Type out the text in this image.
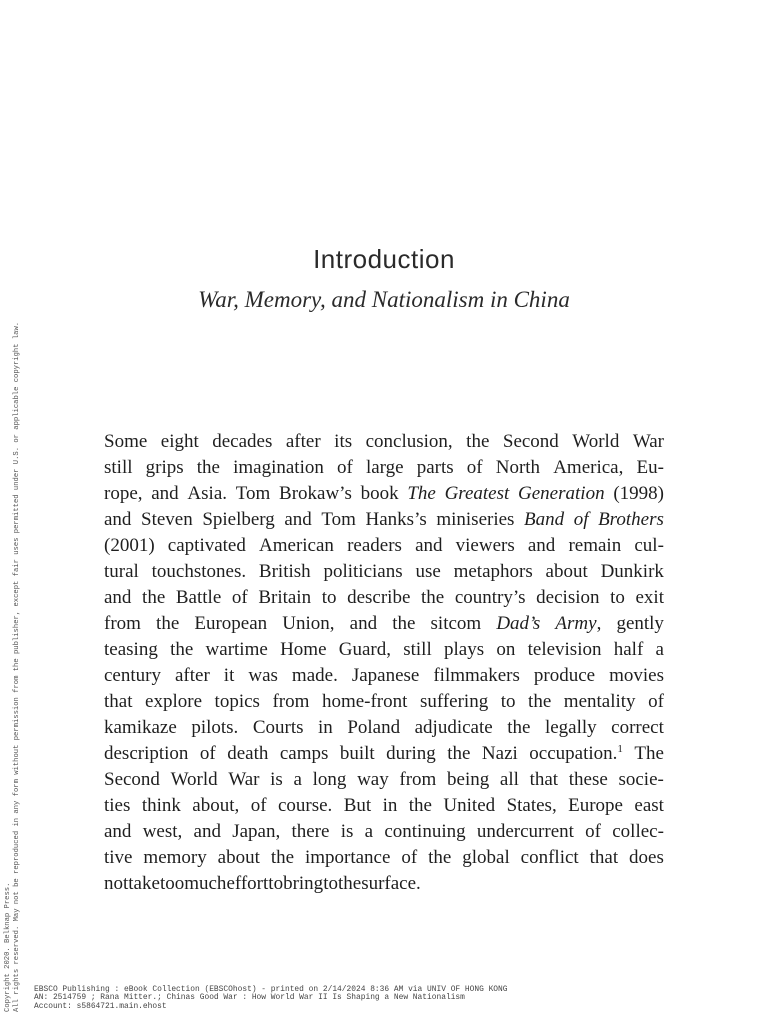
Introduction
War, Memory, and Nationalism in China
Some eight decades after its conclusion, the Second World War
still grips the imagination of large parts of North America, Eu-
rope, and Asia. Tom Brokaw’s book The Greatest Generation (1998)
and Steven Spielberg and Tom Hanks’s miniseries Band of Brothers
(2001) captivated American readers and viewers and remain cul-
tural touchstones. British politicians use metaphors about Dunkirk
and the Battle of Britain to describe the country’s decision to exit
from the European Union, and the sitcom Dad’s Army, gently
teasing the wartime Home Guard, still plays on television half a
century after it was made. Japanese filmmakers produce movies
that explore topics from home-front suffering to the mentality of
kamikaze pilots. Courts in Poland adjudicate the legally correct
description of death camps built during the Nazi occupation.$^1$ The
Second World War is a long way from being all that these socie-
ties think about, of course. But in the United States, Europe east
and west, and Japan, there is a continuing undercurrent of collec-
tive memory about the importance of the global conflict that does
not take too much effort to bring to the surface.
Copyright 2020. Belknap Press. All rights reserved. May not be reproduced in any form without permission from the publisher, except fair uses permitted under U.S. or applicable copyright law. EBSCO Publishing : eBook Collection (EBSCOhost) - printed on 2/14/2024 8:36 AM via UNIV OF HONG KONG
AN: 2514759 ; Rana Mitter.; Chinas Good War : How World War II Is Shaping a New Nationalism
Account: s5864721.main.ehost
